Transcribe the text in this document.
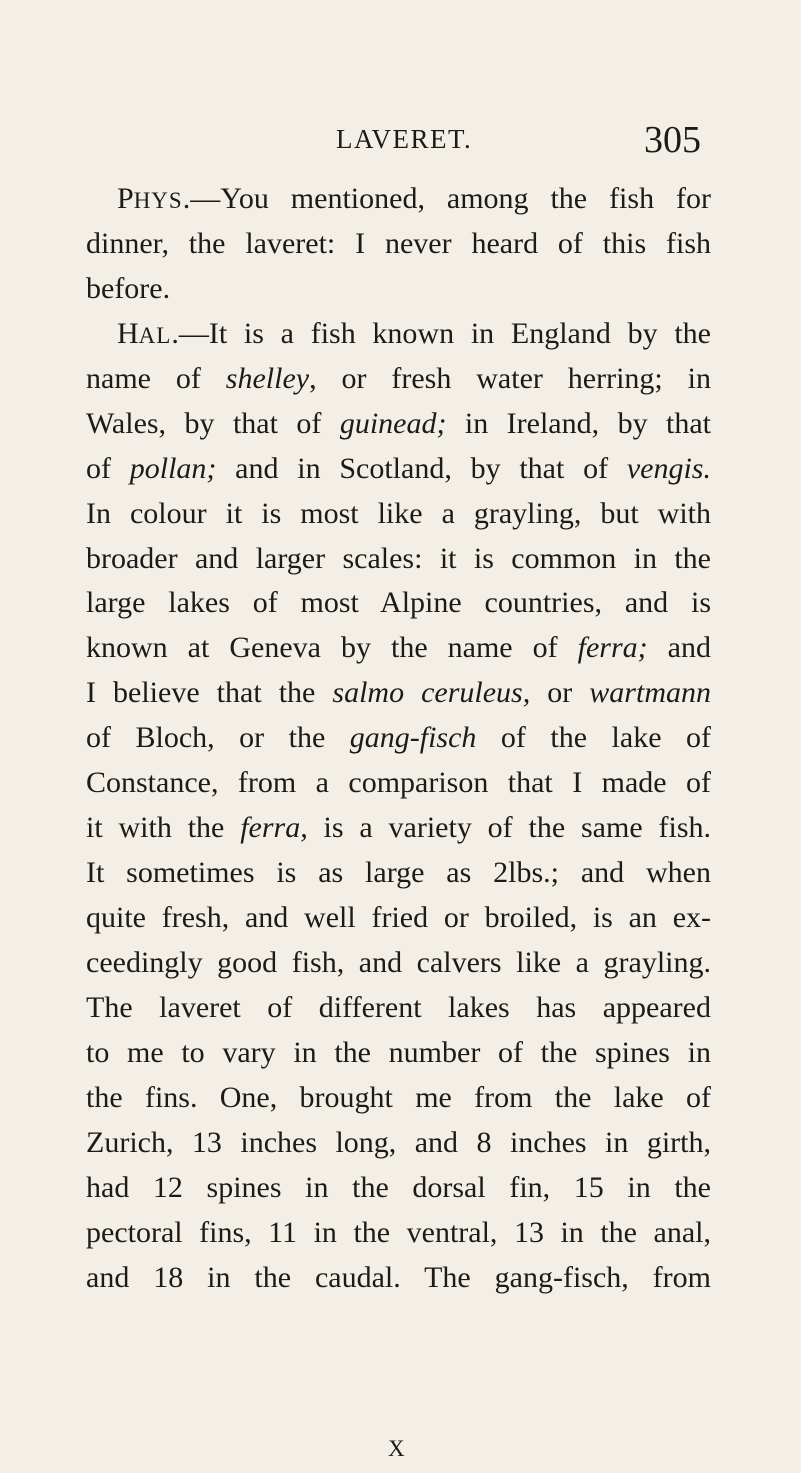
LAVERET.	305
PHYS.—You mentioned, among the fish for
dinner, the laveret: I never heard of this fish
before.
HAL.—It is a fish known in England by the
name of shelley, or fresh water herring; in
Wales, by that of guinead; in Ireland, by that
of pollan; and in Scotland, by that of vengis.
In colour it is most like a grayling, but with
broader and larger scales: it is common in the
large lakes of most Alpine countries, and is
known at Geneva by the name of ferra; and
I believe that the salmo ceruleus, or wartmann
of Bloch, or the gang-fisch of the lake of
Constance, from a comparison that I made of
it with the ferra, is a variety of the same fish.
It sometimes is as large as 2lbs.; and when
quite fresh, and well fried or broiled, is an ex-
ceedingly good fish, and calvers like a grayling.
The laveret of different lakes has appeared
to me to vary in the number of the spines in
the fins. One, brought me from the lake of
Zurich, 13 inches long, and 8 inches in girth,
had 12 spines in the dorsal fin, 15 in the
pectoral fins, 11 in the ventral, 13 in the anal,
and 18 in the caudal. The gang-fisch, from
X
